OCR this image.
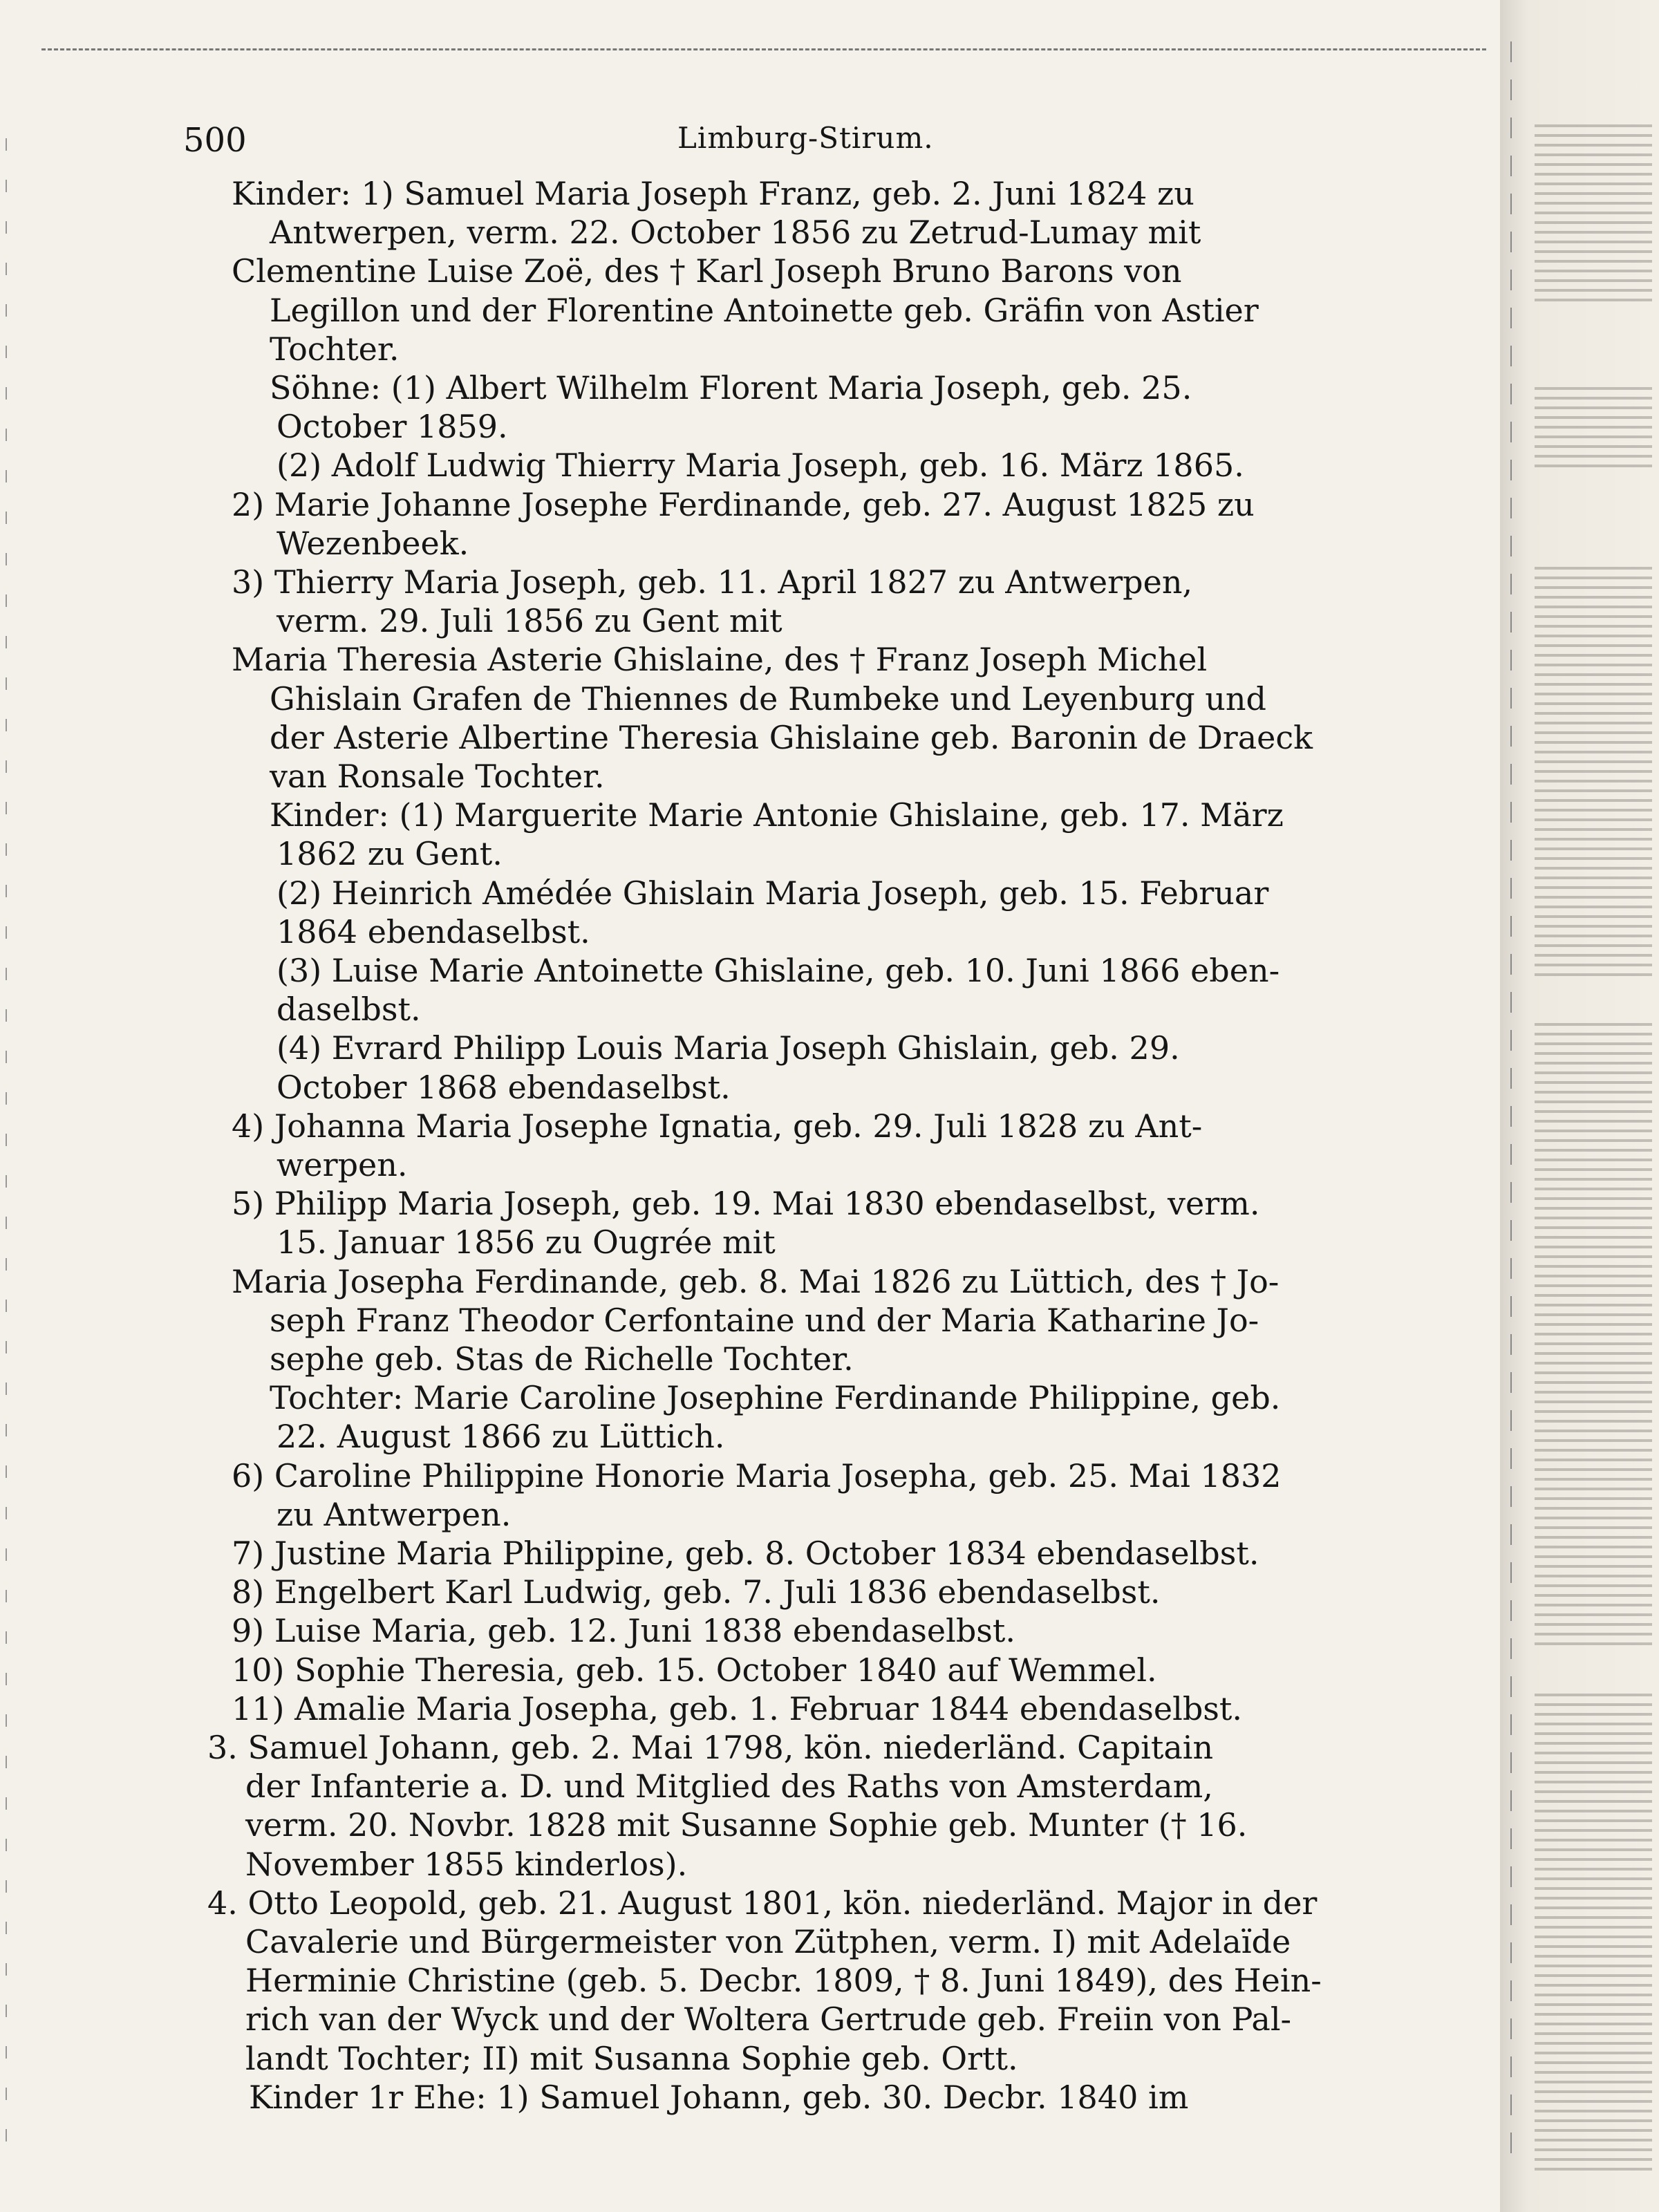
500	Limburg-Stirum.
Kinder: 1) Samuel Maria Joseph Franz, geb. 2. Juni 1824 zu
Antwerpen, verm. 22. October 1856 zu Zetrud-Lumay mit
Clementine Luise Zoë, des † Karl Joseph Bruno Barons von
Legillon und der Florentine Antoinette geb. Gräfin von Astier
Tochter.
Söhne: (1) Albert Wilhelm Florent Maria Joseph, geb. 25.
October 1859.
(2) Adolf Ludwig Thierry Maria Joseph, geb. 16. März 1865.
2) Marie Johanne Josephe Ferdinande, geb. 27. August 1825 zu
Wezenbeek.
3) Thierry Maria Joseph, geb. 11. April 1827 zu Antwerpen,
verm. 29. Juli 1856 zu Gent mit
Maria Theresia Asterie Ghislaine, des † Franz Joseph Michel
Ghislain Grafen de Thiennes de Rumbeke und Leyenburg und
der Asterie Albertine Theresia Ghislaine geb. Baronin de Draeck
van Ronsale Tochter.
Kinder: (1) Marguerite Marie Antonie Ghislaine, geb. 17. März
1862 zu Gent.
(2) Heinrich Amédée Ghislain Maria Joseph, geb. 15. Februar
1864 ebendaselbst.
(3) Luise Marie Antoinette Ghislaine, geb. 10. Juni 1866 eben-
daselbst.
(4) Evrard Philipp Louis Maria Joseph Ghislain, geb. 29.
October 1868 ebendaselbst.
4) Johanna Maria Josephe Ignatia, geb. 29. Juli 1828 zu Ant-
werpen.
5) Philipp Maria Joseph, geb. 19. Mai 1830 ebendaselbst, verm.
15. Januar 1856 zu Ougrée mit
Maria Josepha Ferdinande, geb. 8. Mai 1826 zu Lüttich, des † Jo-
seph Franz Theodor Cerfontaine und der Maria Katharine Jo-
sephe geb. Stas de Richelle Tochter.
Tochter: Marie Caroline Josephine Ferdinande Philippine, geb.
22. August 1866 zu Lüttich.
6) Caroline Philippine Honorie Maria Josepha, geb. 25. Mai 1832
zu Antwerpen.
7) Justine Maria Philippine, geb. 8. October 1834 ebendaselbst.
8) Engelbert Karl Ludwig, geb. 7. Juli 1836 ebendaselbst.
9) Luise Maria, geb. 12. Juni 1838 ebendaselbst.
10) Sophie Theresia, geb. 15. October 1840 auf Wemmel.
11) Amalie Maria Josepha, geb. 1. Februar 1844 ebendaselbst.
3. Samuel Johann, geb. 2. Mai 1798, kön. niederländ. Capitain
der Infanterie a. D. und Mitglied des Raths von Amsterdam,
verm. 20. Novbr. 1828 mit Susanne Sophie geb. Munter († 16.
November 1855 kinderlos).
4. Otto Leopold, geb. 21. August 1801, kön. niederländ. Major in der
Cavalerie und Bürgermeister von Zütphen, verm. I) mit Adelaïde
Herminie Christine (geb. 5. Decbr. 1809, † 8. Juni 1849), des Hein-
rich van der Wyck und der Woltera Gertrude geb. Freiin von Pal-
landt Tochter; II) mit Susanna Sophie geb. Ortt.
Kinder 1r Ehe: 1) Samuel Johann, geb. 30. Decbr. 1840 im
